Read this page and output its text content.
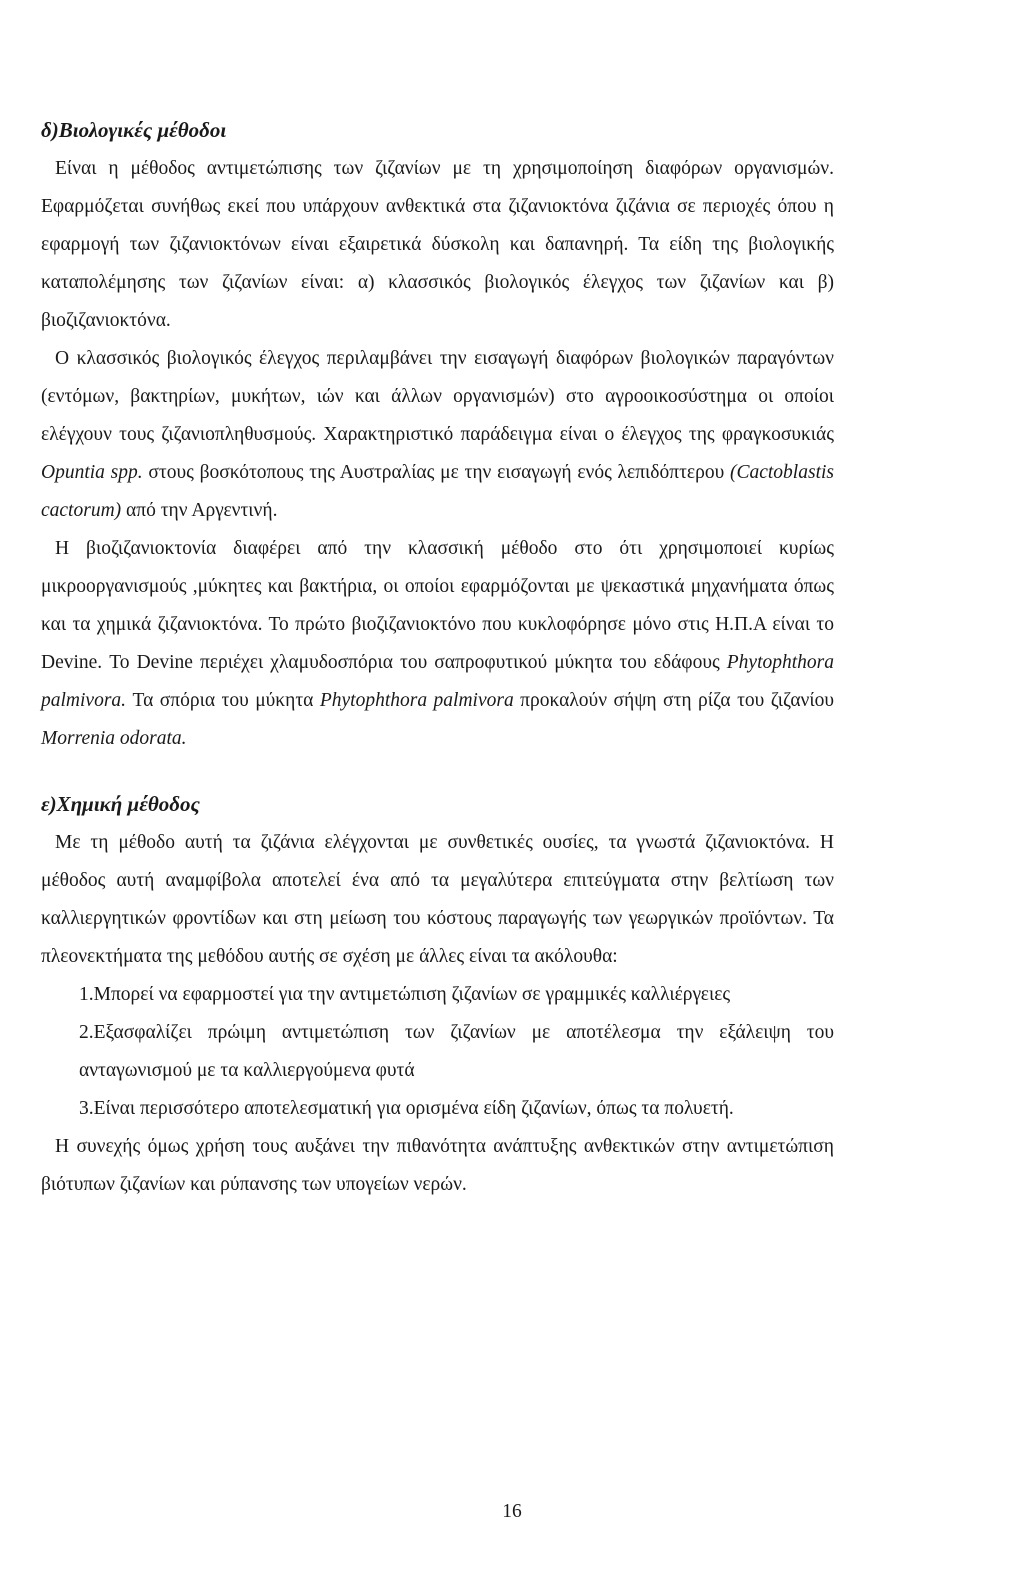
δ)Βιολογικές μέθοδοι

Είναι η μέθοδος αντιμετώπισης των ζιζανίων με τη χρησιμοποίηση διαφόρων οργανισμών. Εφαρμόζεται συνήθως εκεί που υπάρχουν ανθεκτικά στα ζιζανιοκτόνα ζιζάνια σε περιοχές όπου η εφαρμογή των ζιζανιοκτόνων είναι εξαιρετικά δύσκολη και δαπανηρή. Τα είδη της βιολογικής καταπολέμησης των ζιζανίων είναι: α) κλασσικός βιολογικός έλεγχος των ζιζανίων και β) βιοζιζανιοκτόνα.

Ο κλασσικός βιολογικός έλεγχος περιλαμβάνει την εισαγωγή διαφόρων βιολογικών παραγόντων (εντόμων, βακτηρίων, μυκήτων, ιών και άλλων οργανισμών) στο αγροοικοσύστημα οι οποίοι ελέγχουν τους ζιζανιοπληθυσμούς. Χαρακτηριστικό παράδειγμα είναι ο έλεγχος της φραγκοσυκιάς Opuntia spp. στους βοσκότοπους της Αυστραλίας με την εισαγωγή ενός λεπιδόπτερου (Cactoblastis cactorum) από την Αργεντινή.

Η βιοζιζανιοκτονία διαφέρει από την κλασσική μέθοδο στο ότι χρησιμοποιεί κυρίως μικροοργανισμούς ,μύκητες και βακτήρια, οι οποίοι εφαρμόζονται με ψεκαστικά μηχανήματα όπως και τα χημικά ζιζανιοκτόνα. Το πρώτο βιοζιζανιοκτόνο που κυκλοφόρησε μόνο στις Η.Π.Α είναι το Devine. Το Devine περιέχει χλαμυδοσπόρια του σαπροφυτικού μύκητα του εδάφους Phytophthora palmivora. Τα σπόρια του μύκητα Phytophthora palmivora προκαλούν σήψη στη ρίζα του ζιζανίου Morrenia odorata.

ε)Χημική μέθοδος

Με τη μέθοδο αυτή τα ζιζάνια ελέγχονται με συνθετικές ουσίες, τα γνωστά ζιζανιοκτόνα. Η μέθοδος αυτή αναμφίβολα αποτελεί ένα από τα μεγαλύτερα επιτεύγματα στην βελτίωση των καλλιεργητικών φροντίδων και στη μείωση του κόστους παραγωγής των γεωργικών προϊόντων. Τα πλεονεκτήματα της μεθόδου αυτής σε σχέση με άλλες είναι τα ακόλουθα:

1.Μπορεί να εφαρμοστεί για την αντιμετώπιση ζιζανίων σε γραμμικές καλλιέργειες

2.Εξασφαλίζει πρώιμη αντιμετώπιση των ζιζανίων με αποτέλεσμα την εξάλειψη του ανταγωνισμού με τα καλλιεργούμενα φυτά

3.Είναι περισσότερο αποτελεσματική για ορισμένα είδη ζιζανίων, όπως τα πολυετή.

Η συνεχής όμως χρήση τους αυξάνει την πιθανότητα ανάπτυξης ανθεκτικών στην αντιμετώπιση βιότυπων ζιζανίων και ρύπανσης των υπογείων νερών.

16
